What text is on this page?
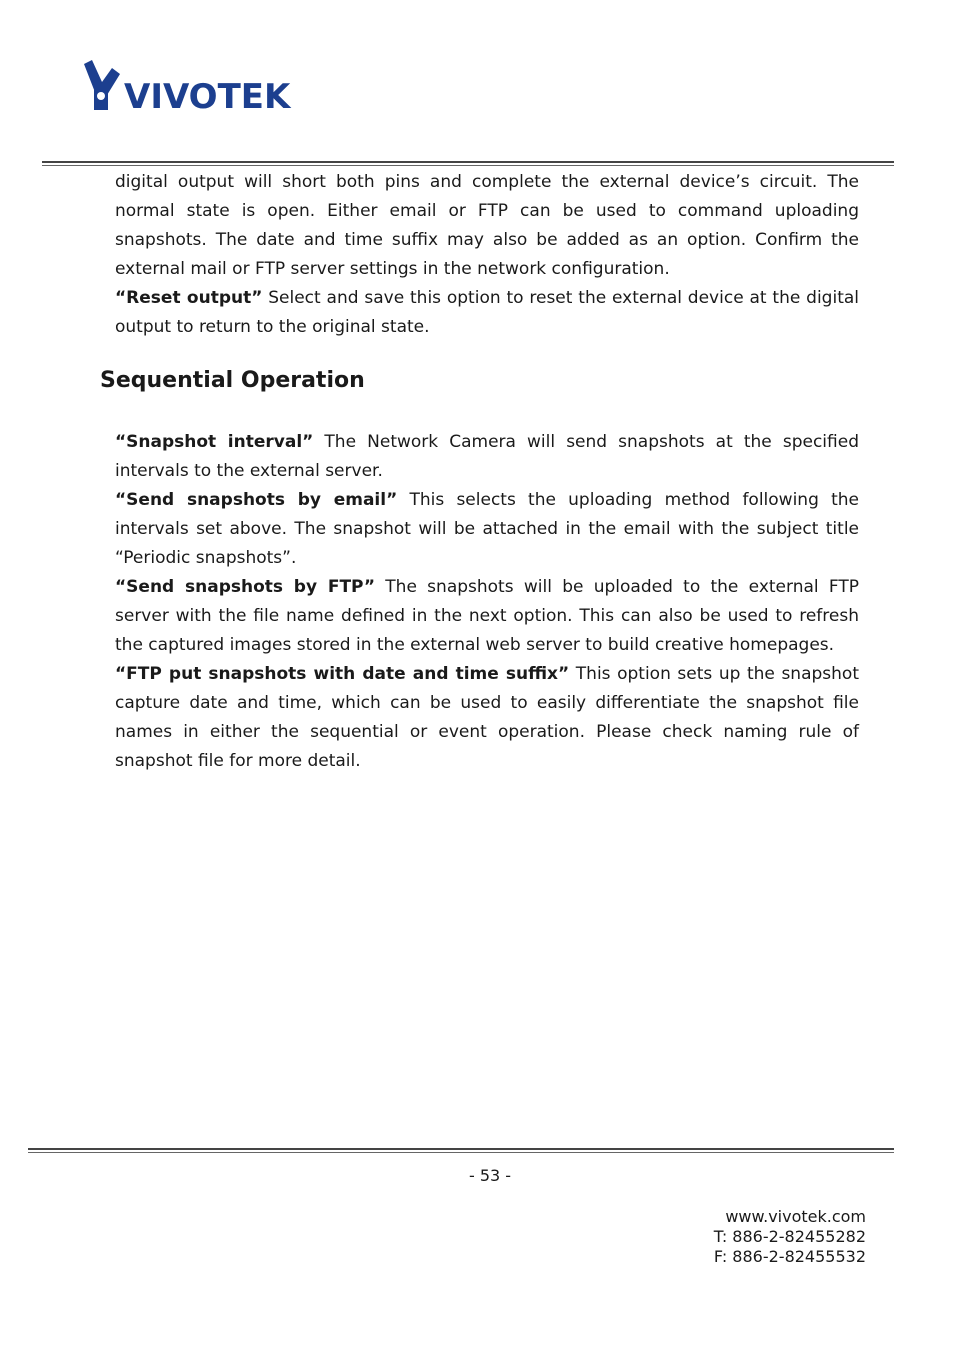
VIVOTEK

digital output will short both pins and complete the external device’s circuit. The normal state is open. Either email or FTP can be used to command uploading snapshots. The date and time suffix may also be added as an option. Confirm the external mail or FTP server settings in the network configuration.

“Reset output” Select and save this option to reset the external device at the digital output to return to the original state.

Sequential Operation

“Snapshot interval” The Network Camera will send snapshots at the specified intervals to the external server.

“Send snapshots by email” This selects the uploading method following the intervals set above. The snapshot will be attached in the email with the subject title “Periodic snapshots”.

“Send snapshots by FTP” The snapshots will be uploaded to the external FTP server with the file name defined in the next option. This can also be used to refresh the captured images stored in the external web server to build creative homepages.

“FTP put snapshots with date and time suffix” This option sets up the snapshot capture date and time, which can be used to easily differentiate the snapshot file names in either the sequential or event operation. Please check naming rule of snapshot file for more detail.

- 53 -
www.vivotek.com
T: 886-2-82455282
F: 886-2-82455532
